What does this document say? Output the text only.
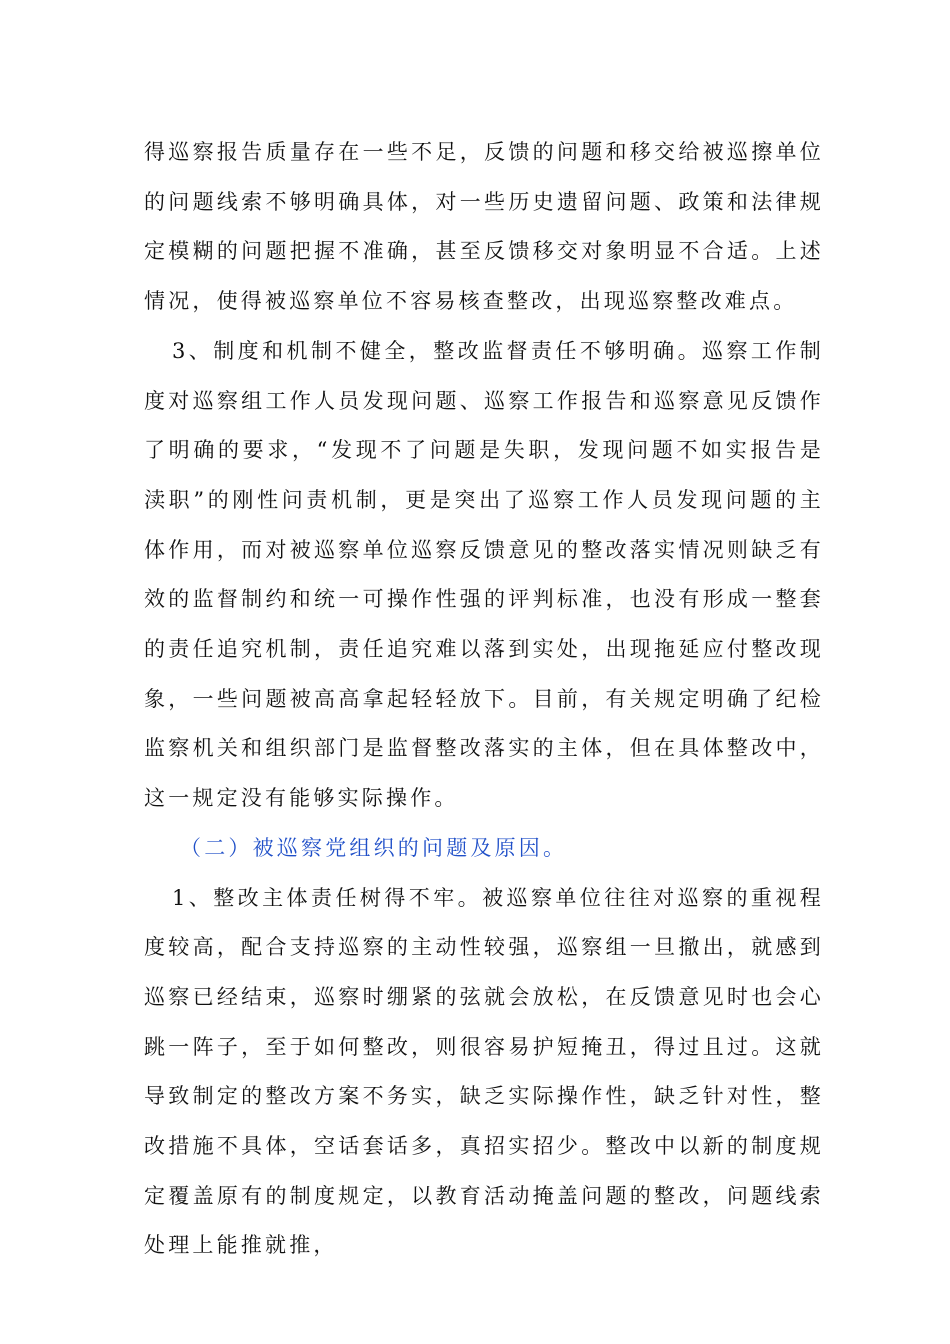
得巡察报告质量存在一些不足，反馈的问题和移交给被巡擦单位的问题线索不够明确具体，对一些历史遗留问题、政策和法律规定模糊的问题把握不准确，甚至反馈移交对象明显不合适。上述情况，使得被巡察单位不容易核查整改，出现巡察整改难点。

3、制度和机制不健全，整改监督责任不够明确。巡察工作制度对巡察组工作人员发现问题、巡察工作报告和巡察意见反馈作了明确的要求，“发现不了问题是失职，发现问题不如实报告是渎职”的刚性问责机制，更是突出了巡察工作人员发现问题的主体作用，而对被巡察单位巡察反馈意见的整改落实情况则缺乏有效的监督制约和统一可操作性强的评判标准，也没有形成一整套的责任追究机制，责任追究难以落到实处，出现拖延应付整改现象，一些问题被高高拿起轻轻放下。目前，有关规定明确了纪检监察机关和组织部门是监督整改落实的主体，但在具体整改中，这一规定没有能够实际操作。

（二）被巡察党组织的问题及原因。

1、整改主体责任树得不牢。被巡察单位往往对巡察的重视程度较高，配合支持巡察的主动性较强，巡察组一旦撤出，就感到巡察已经结束，巡察时绷紧的弦就会放松，在反馈意见时也会心跳一阵子，至于如何整改，则很容易护短掩丑，得过且过。这就导致制定的整改方案不务实，缺乏实际操作性，缺乏针对性，整改措施不具体，空话套话多，真招实招少。整改中以新的制度规定覆盖原有的制度规定，以教育活动掩盖问题的整改，问题线索处理上能推就推，
